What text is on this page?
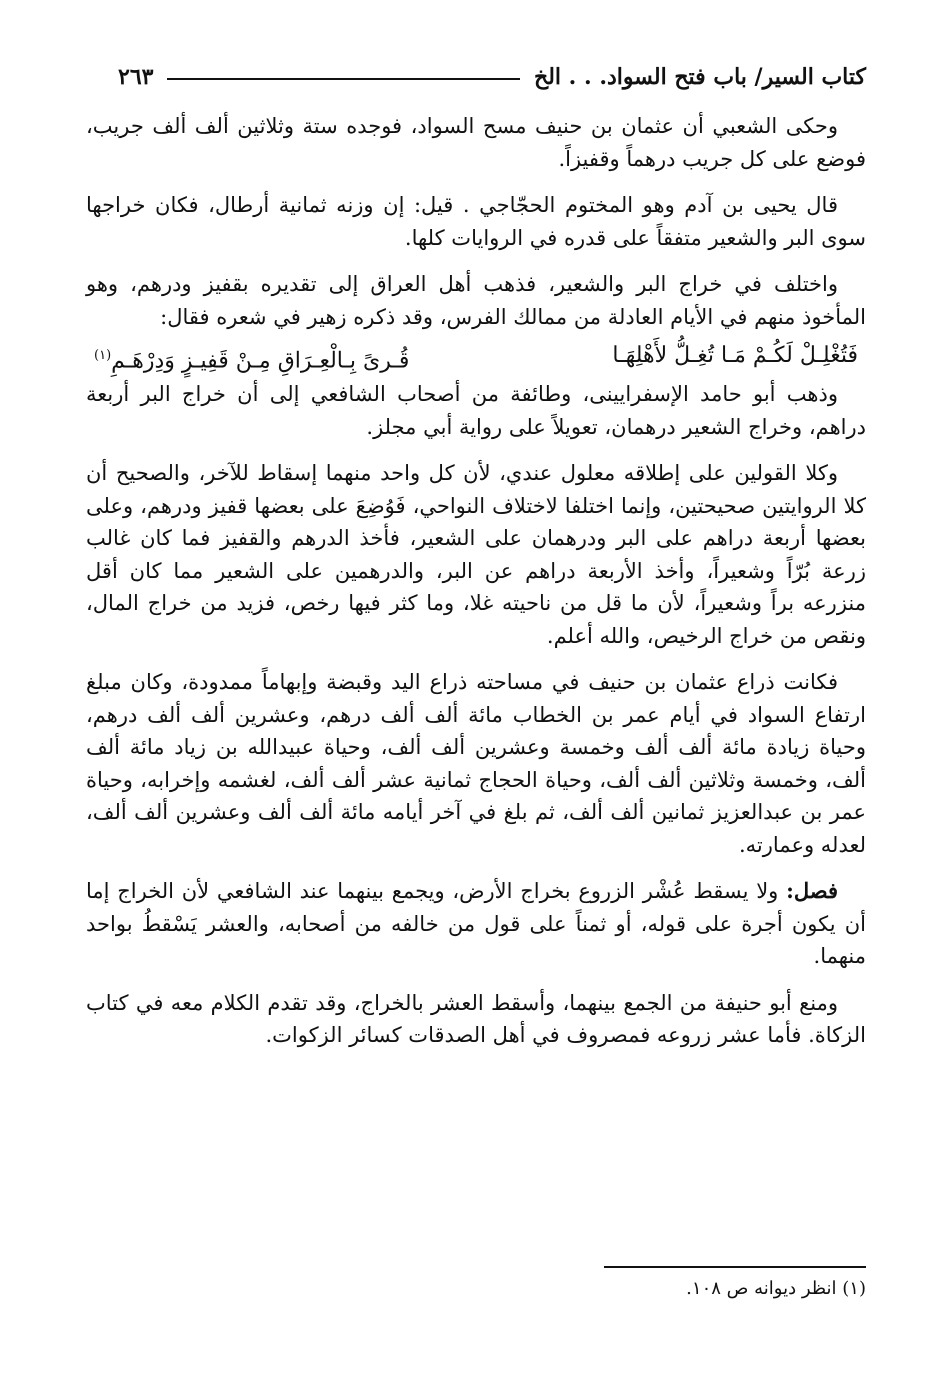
كتاب السير/ باب فتح السواد. . . الخ
٢٦٣

وحكى الشعبي أن عثمان بن حنيف مسح السواد، فوجده ستة وثلاثين ألف ألف جريب، فوضع على كل جريب درهماً وقفيزاً.

قال يحيى بن آدم وهو المختوم الحجّاجي . قيل: إن وزنه ثمانية أرطال، فكان خراجها سوى البر والشعير متفقاً على قدره في الروايات كلها.

واختلف في خراج البر والشعير، فذهب أهل العراق إلى تقديره بقفيز ودرهم، وهو المأخوذ منهم في الأيام العادلة من ممالك الفرس، وقد ذكره زهير في شعره فقال:

فَتُغْلِـلْ لَكُـمْ مَـا تُغِـلُّ لأَهْلِهَـا
قُـرىً بِـالْعِـرَاقِ مِـنْ قَفِيـزٍ وَدِرْهَـمِ$^{(١)}$

وذهب أبو حامد الإسفرايينى، وطائفة من أصحاب الشافعي إلى أن خراج البر أربعة دراهم، وخراج الشعير درهمان، تعويلاً على رواية أبي مجلز.

وكلا القولين على إطلاقه معلول عندي، لأن كل واحد منهما إسقاط للآخر، والصحيح أن كلا الروايتين صحيحتين، وإنما اختلفا لاختلاف النواحي، فَوُضِعَ على بعضها قفيز ودرهم، وعلى بعضها أربعة دراهم على البر ودرهمان على الشعير، فأخذ الدرهم والقفيز فما كان غالب زرعة بُرّاً وشعيراً، وأخذ الأربعة دراهم عن البر، والدرهمين على الشعير مما كان أقل منزرعه براً وشعيراً، لأن ما قل من ناحيته غلا، وما كثر فيها رخص، فزيد من خراج المال، ونقص من خراج الرخيص، والله أعلم.

فكانت ذراع عثمان بن حنيف في مساحته ذراع اليد وقبضة وإبهاماً ممدودة، وكان مبلغ ارتفاع السواد في أيام عمر بن الخطاب مائة ألف ألف درهم، وعشرين ألف ألف درهم، وحياة زيادة مائة ألف ألف وخمسة وعشرين ألف ألف، وحياة عبيدالله بن زياد مائة ألف ألف، وخمسة وثلاثين ألف ألف، وحياة الحجاج ثمانية عشر ألف ألف، لغشمه وإخرابه، وحياة عمر بن عبدالعزيز ثمانين ألف ألف، ثم بلغ في آخر أيامه مائة ألف ألف وعشرين ألف ألف، لعدله وعمارته.

فصل: ولا يسقط عُشْر الزروع بخراج الأرض، ويجمع بينهما عند الشافعي لأن الخراج إما أن يكون أجرة على قوله، أو ثمناً على قول من خالفه من أصحابه، والعشر يَسْقطُ بواحد منهما.

ومنع أبو حنيفة من الجمع بينهما، وأسقط العشر بالخراج، وقد تقدم الكلام معه في كتاب الزكاة. فأما عشر زروعه فمصروف في أهل الصدقات كسائر الزكوات.

(١) انظر ديوانه ص ١٠٨.
